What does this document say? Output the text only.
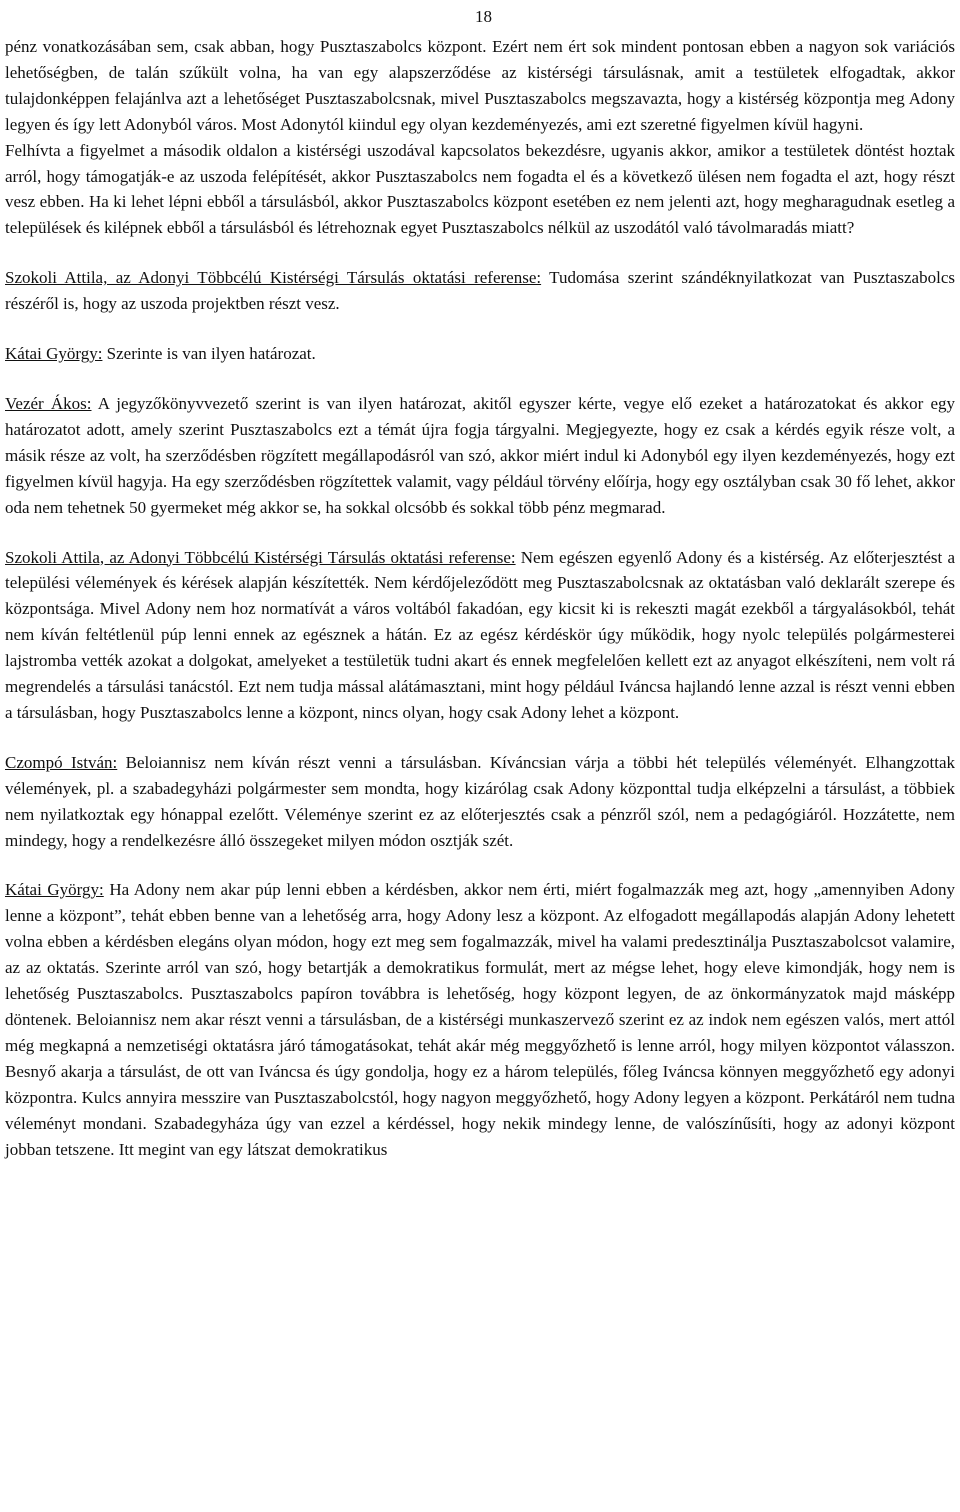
18

pénz vonatkozásában sem, csak abban, hogy Pusztaszabolcs központ. Ezért nem ért sok mindent pontosan ebben a nagyon sok variációs lehetőségben, de talán szűkült volna, ha van egy alapszerződése az kistérségi társulásnak, amit a testületek elfogadtak, akkor tulajdonképpen felajánlva azt a lehetőséget Pusztaszabolcsnak, mivel Pusztaszabolcs megszavazta, hogy a kistérség központja meg Adony legyen és így lett Adonyból város. Most Adonytól kiindul egy olyan kezdeményezés, ami ezt szeretné figyelmen kívül hagyni.

Felhívta a figyelmet a második oldalon a kistérségi uszodával kapcsolatos bekezdésre, ugyanis akkor, amikor a testületek döntést hoztak arról, hogy támogatják-e az uszoda felépítését, akkor Pusztaszabolcs nem fogadta el és a következő ülésen nem fogadta el azt, hogy részt vesz ebben. Ha ki lehet lépni ebből a társulásból, akkor Pusztaszabolcs központ esetében ez nem jelenti azt, hogy megharagudnak esetleg a települések és kilépnek ebből a társulásból és létrehoznak egyet Pusztaszabolcs nélkül az uszodától való távolmaradás miatt?

Szokoli Attila, az Adonyi Többcélú Kistérségi Társulás oktatási referense: Tudomása szerint szándéknyilatkozat van Pusztaszabolcs részéről is, hogy az uszoda projektben részt vesz.

Kátai György: Szerinte is van ilyen határozat.

Vezér Ákos: A jegyzőkönyvvezető szerint is van ilyen határozat, akitől egyszer kérte, vegye elő ezeket a határozatokat és akkor egy határozatot adott, amely szerint Pusztaszabolcs ezt a témát újra fogja tárgyalni. Megjegyezte, hogy ez csak a kérdés egyik része volt, a másik része az volt, ha szerződésben rögzített megállapodásról van szó, akkor miért indul ki Adonyból egy ilyen kezdeményezés, hogy ezt figyelmen kívül hagyja. Ha egy szerződésben rögzítettek valamit, vagy például törvény előírja, hogy egy osztályban csak 30 fő lehet, akkor oda nem tehetnek 50 gyermeket még akkor se, ha sokkal olcsóbb és sokkal több pénz megmarad.

Szokoli Attila, az Adonyi Többcélú Kistérségi Társulás oktatási referense: Nem egészen egyenlő Adony és a kistérség. Az előterjesztést a települési vélemények és kérések alapján készítették. Nem kérdőjeleződött meg Pusztaszabolcsnak az oktatásban való deklarált szerepe és központsága. Mivel Adony nem hoz normatívát a város voltából fakadóan, egy kicsit ki is rekeszti magát ezekből a tárgyalásokból, tehát nem kíván feltétlenül púp lenni ennek az egésznek a hátán. Ez az egész kérdéskör úgy működik, hogy nyolc település polgármesterei lajstromba vették azokat a dolgokat, amelyeket a testületük tudni akart és ennek megfelelően kellett ezt az anyagot elkészíteni, nem volt rá megrendelés a társulási tanácstól. Ezt nem tudja mással alátámasztani, mint hogy például Iváncsa hajlandó lenne azzal is részt venni ebben a társulásban, hogy Pusztaszabolcs lenne a központ, nincs olyan, hogy csak Adony lehet a központ.

Czompó István: Beloiannisz nem kíván részt venni a társulásban. Kíváncsian várja a többi hét település véleményét. Elhangzottak vélemények, pl. a szabadegyházi polgármester sem mondta, hogy kizárólag csak Adony központtal tudja elképzelni a társulást, a többiek nem nyilatkoztak egy hónappal ezelőtt. Véleménye szerint ez az előterjesztés csak a pénzről szól, nem a pedagógiáról. Hozzátette, nem mindegy, hogy a rendelkezésre álló összegeket milyen módon osztják szét.

Kátai György: Ha Adony nem akar púp lenni ebben a kérdésben, akkor nem érti, miért fogalmazzák meg azt, hogy „amennyiben Adony lenne a központ”, tehát ebben benne van a lehetőség arra, hogy Adony lesz a központ. Az elfogadott megállapodás alapján Adony lehetett volna ebben a kérdésben elegáns olyan módon, hogy ezt meg sem fogalmazzák, mivel ha valami predesztinálja Pusztaszabolcsot valamire, az az oktatás. Szerinte arról van szó, hogy betartják a demokratikus formulát, mert az mégse lehet, hogy eleve kimondják, hogy nem is lehetőség Pusztaszabolcs. Pusztaszabolcs papíron továbbra is lehetőség, hogy központ legyen, de az önkormányzatok majd másképp döntenek. Beloiannisz nem akar részt venni a társulásban, de a kistérségi munkaszervező szerint ez az indok nem egészen valós, mert attól még megkapná a nemzetiségi oktatásra járó támogatásokat, tehát akár még meggyőzhető is lenne arról, hogy milyen központot válasszon. Besnyő akarja a társulást, de ott van Iváncsa és úgy gondolja, hogy ez a három település, főleg Iváncsa könnyen meggyőzhető egy adonyi központra. Kulcs annyira messzire van Pusztaszabolcstól, hogy nagyon meggyőzhető, hogy Adony legyen a központ. Perkátáról nem tudna véleményt mondani. Szabadegyháza úgy van ezzel a kérdéssel, hogy nekik mindegy lenne, de valószínűsíti, hogy az adonyi központ jobban tetszene. Itt megint van egy látszat demokratikus
